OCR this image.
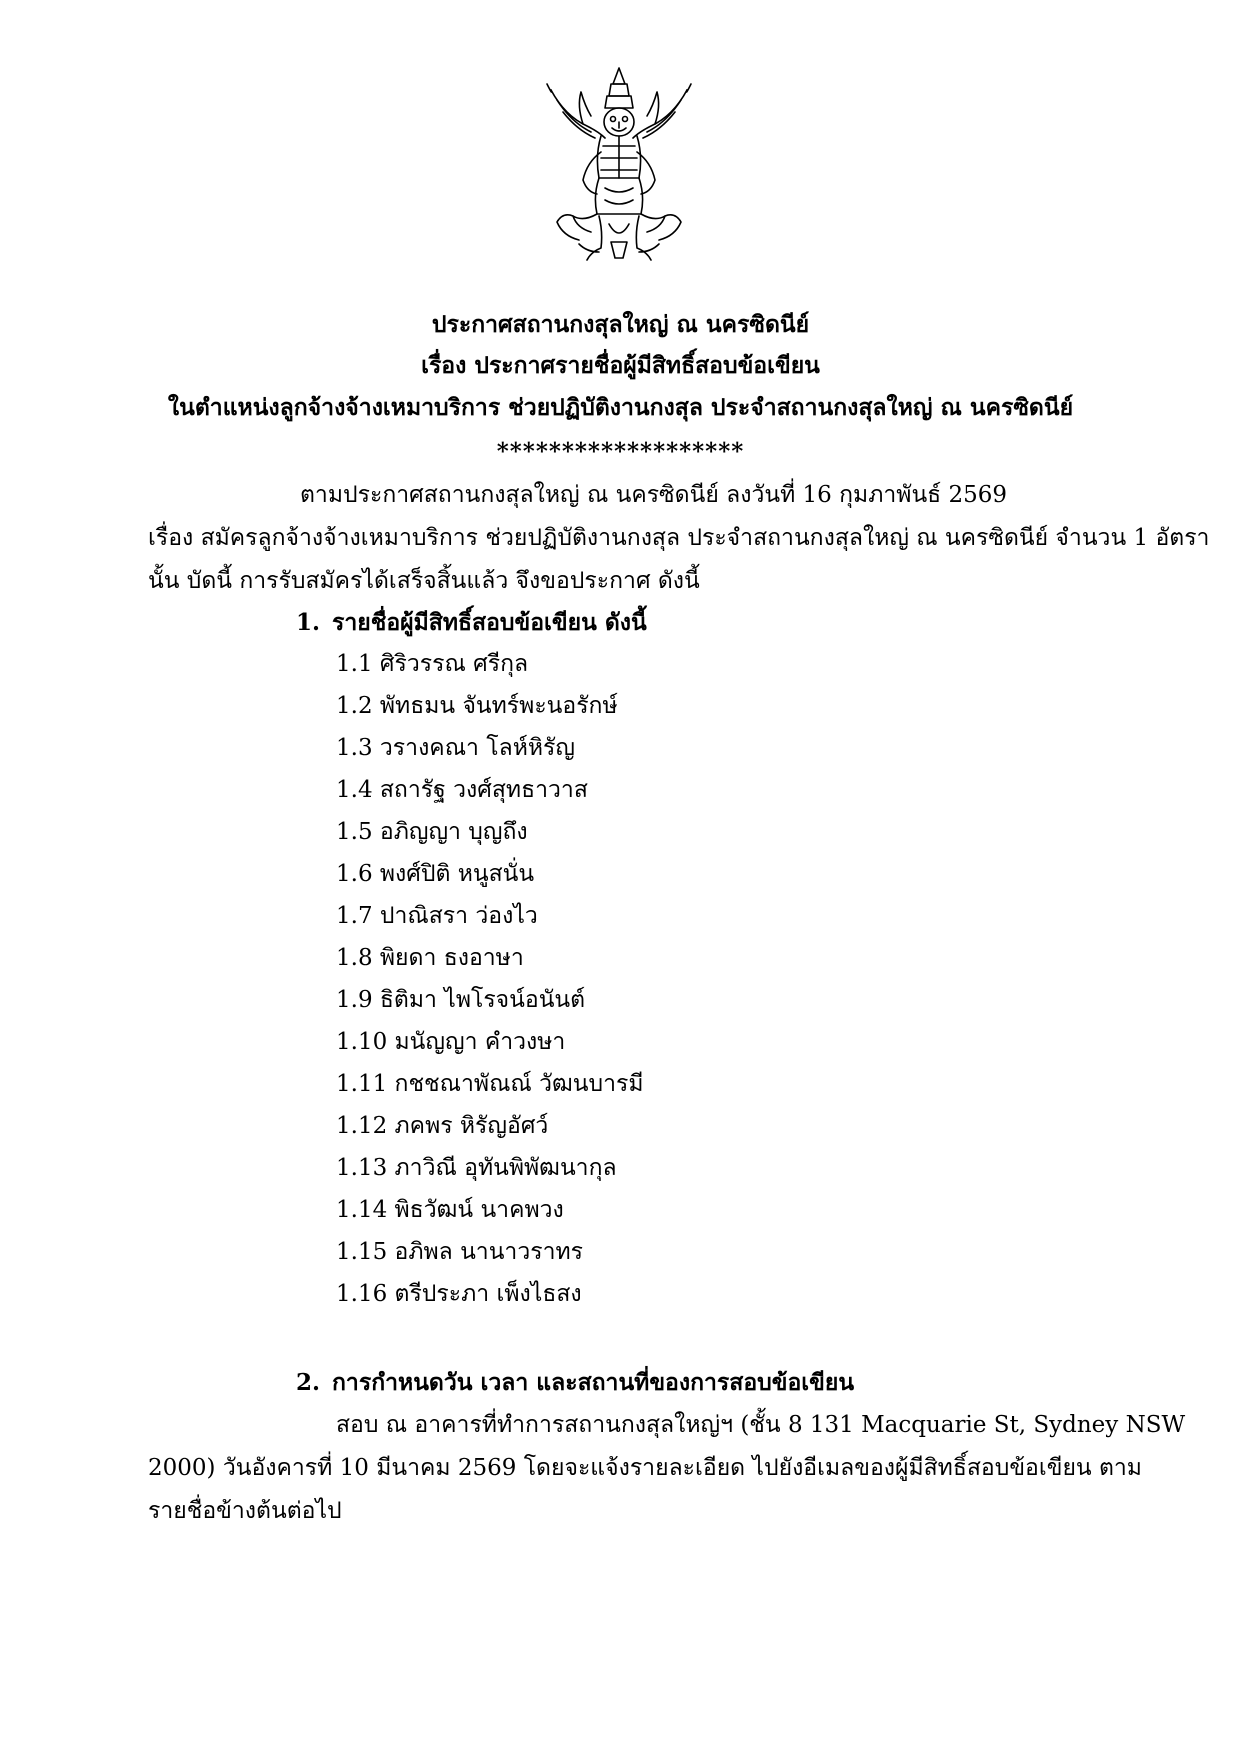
ประกาศสถานกงสุลใหญ่ ณ นครซิดนีย์
เรื่อง ประกาศรายชื่อผู้มีสิทธิ์สอบข้อเขียน
ในตำแหน่งลูกจ้างจ้างเหมาบริการ ช่วยปฏิบัติงานกงสุล ประจำสถานกงสุลใหญ่ ณ นครซิดนีย์
*******************
ตามประกาศสถานกงสุลใหญ่ ณ นครซิดนีย์ ลงวันที่ 16 กุมภาพันธ์ 2569
เรื่อง สมัครลูกจ้างจ้างเหมาบริการ ช่วยปฏิบัติงานกงสุล ประจำสถานกงสุลใหญ่ ณ นครซิดนีย์ จำนวน 1 อัตรา
นั้น บัดนี้ การรับสมัครได้เสร็จสิ้นแล้ว จึงขอประกาศ ดังนี้
1. รายชื่อผู้มีสิทธิ์สอบข้อเขียน ดังนี้
1.1 ศิริวรรณ ศรีกุล
1.2 พัทธมน จันทร์พะนอรักษ์
1.3 วรางคณา โลห์หิรัญ
1.4 สถารัฐ วงศ์สุทธาวาส
1.5 อภิญญา บุญถึง
1.6 พงศ์ปิติ หนูสนั่น
1.7 ปาณิสรา ว่องไว
1.8 พิยดา ธงอาษา
1.9 ธิติมา ไพโรจน์อนันต์
1.10 มนัญญา คำวงษา
1.11 กชชณาพัณณ์ วัฒนบารมี
1.12 ภคพร หิรัญอัศว์
1.13 ภาวิณี อุทันพิพัฒนากุล
1.14 พิธวัฒน์ นาคพวง
1.15 อภิพล นานาวราทร
1.16 ตรีประภา เพ็งไธสง
2. การกำหนดวัน เวลา และสถานที่ของการสอบข้อเขียน
สอบ ณ อาคารที่ทำการสถานกงสุลใหญ่ฯ (ชั้น 8 131 Macquarie St, Sydney NSW
2000) วันอังคารที่ 10 มีนาคม 2569 โดยจะแจ้งรายละเอียด ไปยังอีเมลของผู้มีสิทธิ์สอบข้อเขียน ตาม
รายชื่อข้างต้นต่อไป
